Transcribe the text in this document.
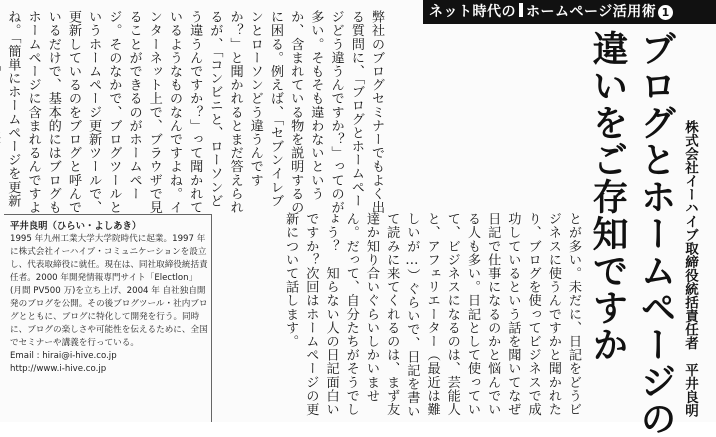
ネット時代の ホームページ活用術 1
ブログとホームページの
違いをご存知ですか	株式会社イーハイブ取締役統括責任者　平井良明
弊社のブログセミナーでもよく出る質問に、「ブログとホームページどう違うんですか？」ってのが多い。そもそも違わないというか、含まれている物を説明するのに困る。例えば、「セブンイレブンとローソンどう違うんですか？」と聞かれるとまだ答えられるが、「コンビニと、ローソンどう違うんですか？」って聞かれているようなものなんですよね。インターネット上で、ブラウザで見ることができるのがホームページ。そのなかで、ブログツールというホームページ更新ツールで、更新しているのをブログと呼んでいるだけで、基本的にはブログもホームページに含まれるんですよね。「簡単にホームページを更新
とが多い。未だに、日記をどうビジネスに使うんですかと聞かれたり、ブログを使ってビジネスで成功しているという話を聞いてなぜ日記で仕事になるのかと悩んでいる人も多い。日記として使っていて、ビジネスになるのは、芸能人と、アフェリエーター（最近は難しいが…）ぐらいで、日記を書いて読みに来てくれるのは、まず友達か知り合いぐらいしかいません。だって、自分たちがそうでしょう？　知らない人の日記面白いですか？次回はホームページの更新について話します。

平井良明（ひらい・よしあき）

1995 年九州工業大学大学院時代に起業。1997 年に株式会社イーハイブ・コミュニケーションを設立し、代表取締役に就任。現在は、同社取締役統括責任者。2000 年開発情報専門サイト「Electlon」(月間 PV500 万)を立ち上げ、2004 年 自社独自開発のブログを公開。その後ブログツール・社内ブログとともに、ブログに特化して開発を行う。同時に、ブログの楽しさや可能性を伝えるために、全国でセミナーや講義を行っている。

Email : hirai@i-hive.co.jp

http://www.i-hive.co.jp
